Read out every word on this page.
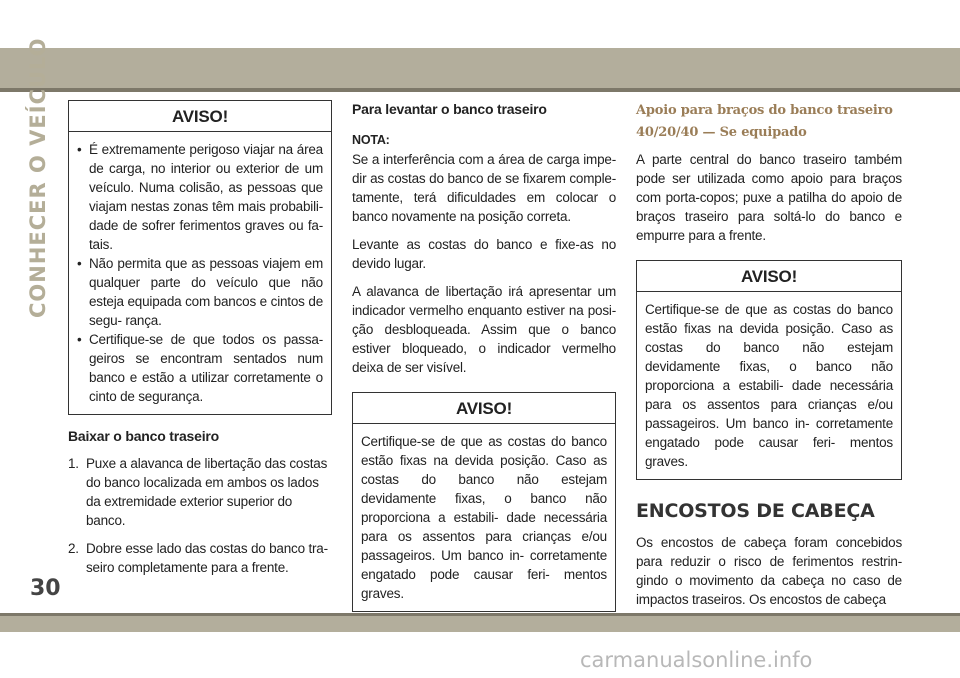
CONHECER O VEÍCULO	AVISO!
• É extremamente perigoso viajar na área de carga, no interior ou exterior de um veículo. Numa colisão, as pessoas que viajam nestas zonas têm mais probabili- dade de sofrer ferimentos graves ou fa- tais.
• Não permita que as pessoas viajem em qualquer parte do veículo que não esteja equipada com bancos e cintos de segu- rança.
• Certifique-se de que todos os passa- geiros se encontram sentados num banco e estão a utilizar corretamente o cinto de segurança.
Baixar o banco traseiro
1. Puxe a alavanca de libertação das costas do banco localizada em ambos os lados da extremidade exterior superior do banco.
2. Dobre esse lado das costas do banco tra- seiro completamente para a frente.
Para levantar o banco traseiro
NOTA:

Se a interferência com a área de carga impe- dir as costas do banco de se fixarem comple- tamente, terá dificuldades em colocar o banco novamente na posição correta.

Levante as costas do banco e fixe-as no devido lugar.

A alavanca de libertação irá apresentar um indicador vermelho enquanto estiver na posi- ção desbloqueada. Assim que o banco estiver bloqueado, o indicador vermelho deixa de ser visível.

AVISO!
Certifique-se de que as costas do banco estão fixas na devida posição. Caso as costas do banco não estejam devidamente fixas, o banco não proporciona a estabili- dade necessária para os assentos para crianças e/ou passageiros. Um banco in- corretamente engatado pode causar feri- mentos graves.
Apoio para braços do banco traseiro 40/20/40 — Se equipado

A parte central do banco traseiro também pode ser utilizada como apoio para braços com porta-copos; puxe a patilha do apoio de braços traseiro para soltá-lo do banco e empurre para a frente.

AVISO!
Certifique-se de que as costas do banco estão fixas na devida posição. Caso as costas do banco não estejam devidamente fixas, o banco não proporciona a estabili- dade necessária para os assentos para crianças e/ou passageiros. Um banco in- corretamente engatado pode causar feri- mentos graves.
ENCOSTOS DE CABEÇA

Os encostos de cabeça foram concebidos para reduzir o risco de ferimentos restrin- gindo o movimento da cabeça no caso de impactos traseiros. Os encostos de cabeça

30
carmanualsonline.info
